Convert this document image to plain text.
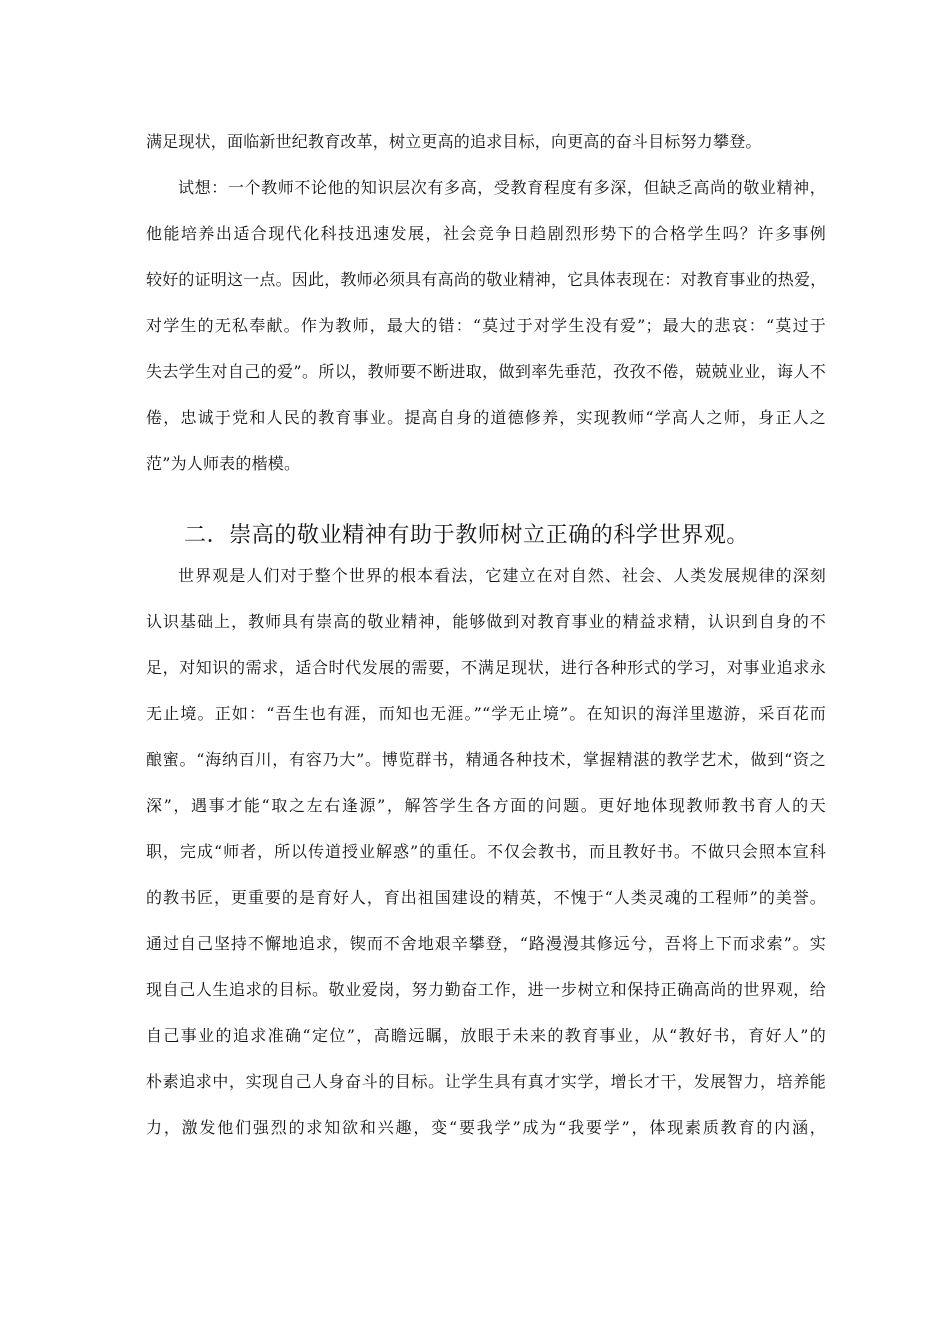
满足现状，面临新世纪教育改革，树立更高的追求目标，向更高的奋斗目标努力攀登。
试想：一个教师不论他的知识层次有多高，受教育程度有多深，但缺乏高尚的敬业精神，
他能培养出适合现代化科技迅速发展，社会竞争日趋剧烈形势下的合格学生吗？许多事例
较好的证明这一点。因此，教师必须具有高尚的敬业精神，它具体表现在：对教育事业的热爱，
对学生的无私奉献。作为教师，最大的错：“莫过于对学生没有爱”；最大的悲哀：“莫过于
失去学生对自己的爱”。所以，教师要不断进取，做到率先垂范，孜孜不倦，兢兢业业，诲人不
倦，忠诚于党和人民的教育事业。提高自身的道德修养，实现教师“学高人之师，身正人之
范”为人师表的楷模。
二．崇高的敬业精神有助于教师树立正确的科学世界观。
世界观是人们对于整个世界的根本看法，它建立在对自然、社会、人类发展规律的深刻
认识基础上，教师具有崇高的敬业精神，能够做到对教育事业的精益求精，认识到自身的不
足，对知识的需求，适合时代发展的需要，不满足现状，进行各种形式的学习，对事业追求永
无止境。正如：“吾生也有涯，而知也无涯。”“学无止境”。在知识的海洋里遨游，采百花而
酿蜜。“海纳百川，有容乃大”。博览群书，精通各种技术，掌握精湛的教学艺术，做到“资之
深”，遇事才能“取之左右逢源”，解答学生各方面的问题。更好地体现教师教书育人的天
职，完成“师者，所以传道授业解惑”的重任。不仅会教书，而且教好书。不做只会照本宣科
的教书匠，更重要的是育好人，育出祖国建设的精英，不愧于“人类灵魂的工程师”的美誉。
通过自己坚持不懈地追求，锲而不舍地艰辛攀登，“路漫漫其修远兮，吾将上下而求索”。实
现自己人生追求的目标。敬业爱岗，努力勤奋工作，进一步树立和保持正确高尚的世界观，给
自己事业的追求准确“定位”，高瞻远瞩，放眼于未来的教育事业，从“教好书，育好人”的
朴素追求中，实现自己人身奋斗的目标。让学生具有真才实学，增长才干，发展智力，培养能
力，激发他们强烈的求知欲和兴趣，变“要我学”成为“我要学”，体现素质教育的内涵，
